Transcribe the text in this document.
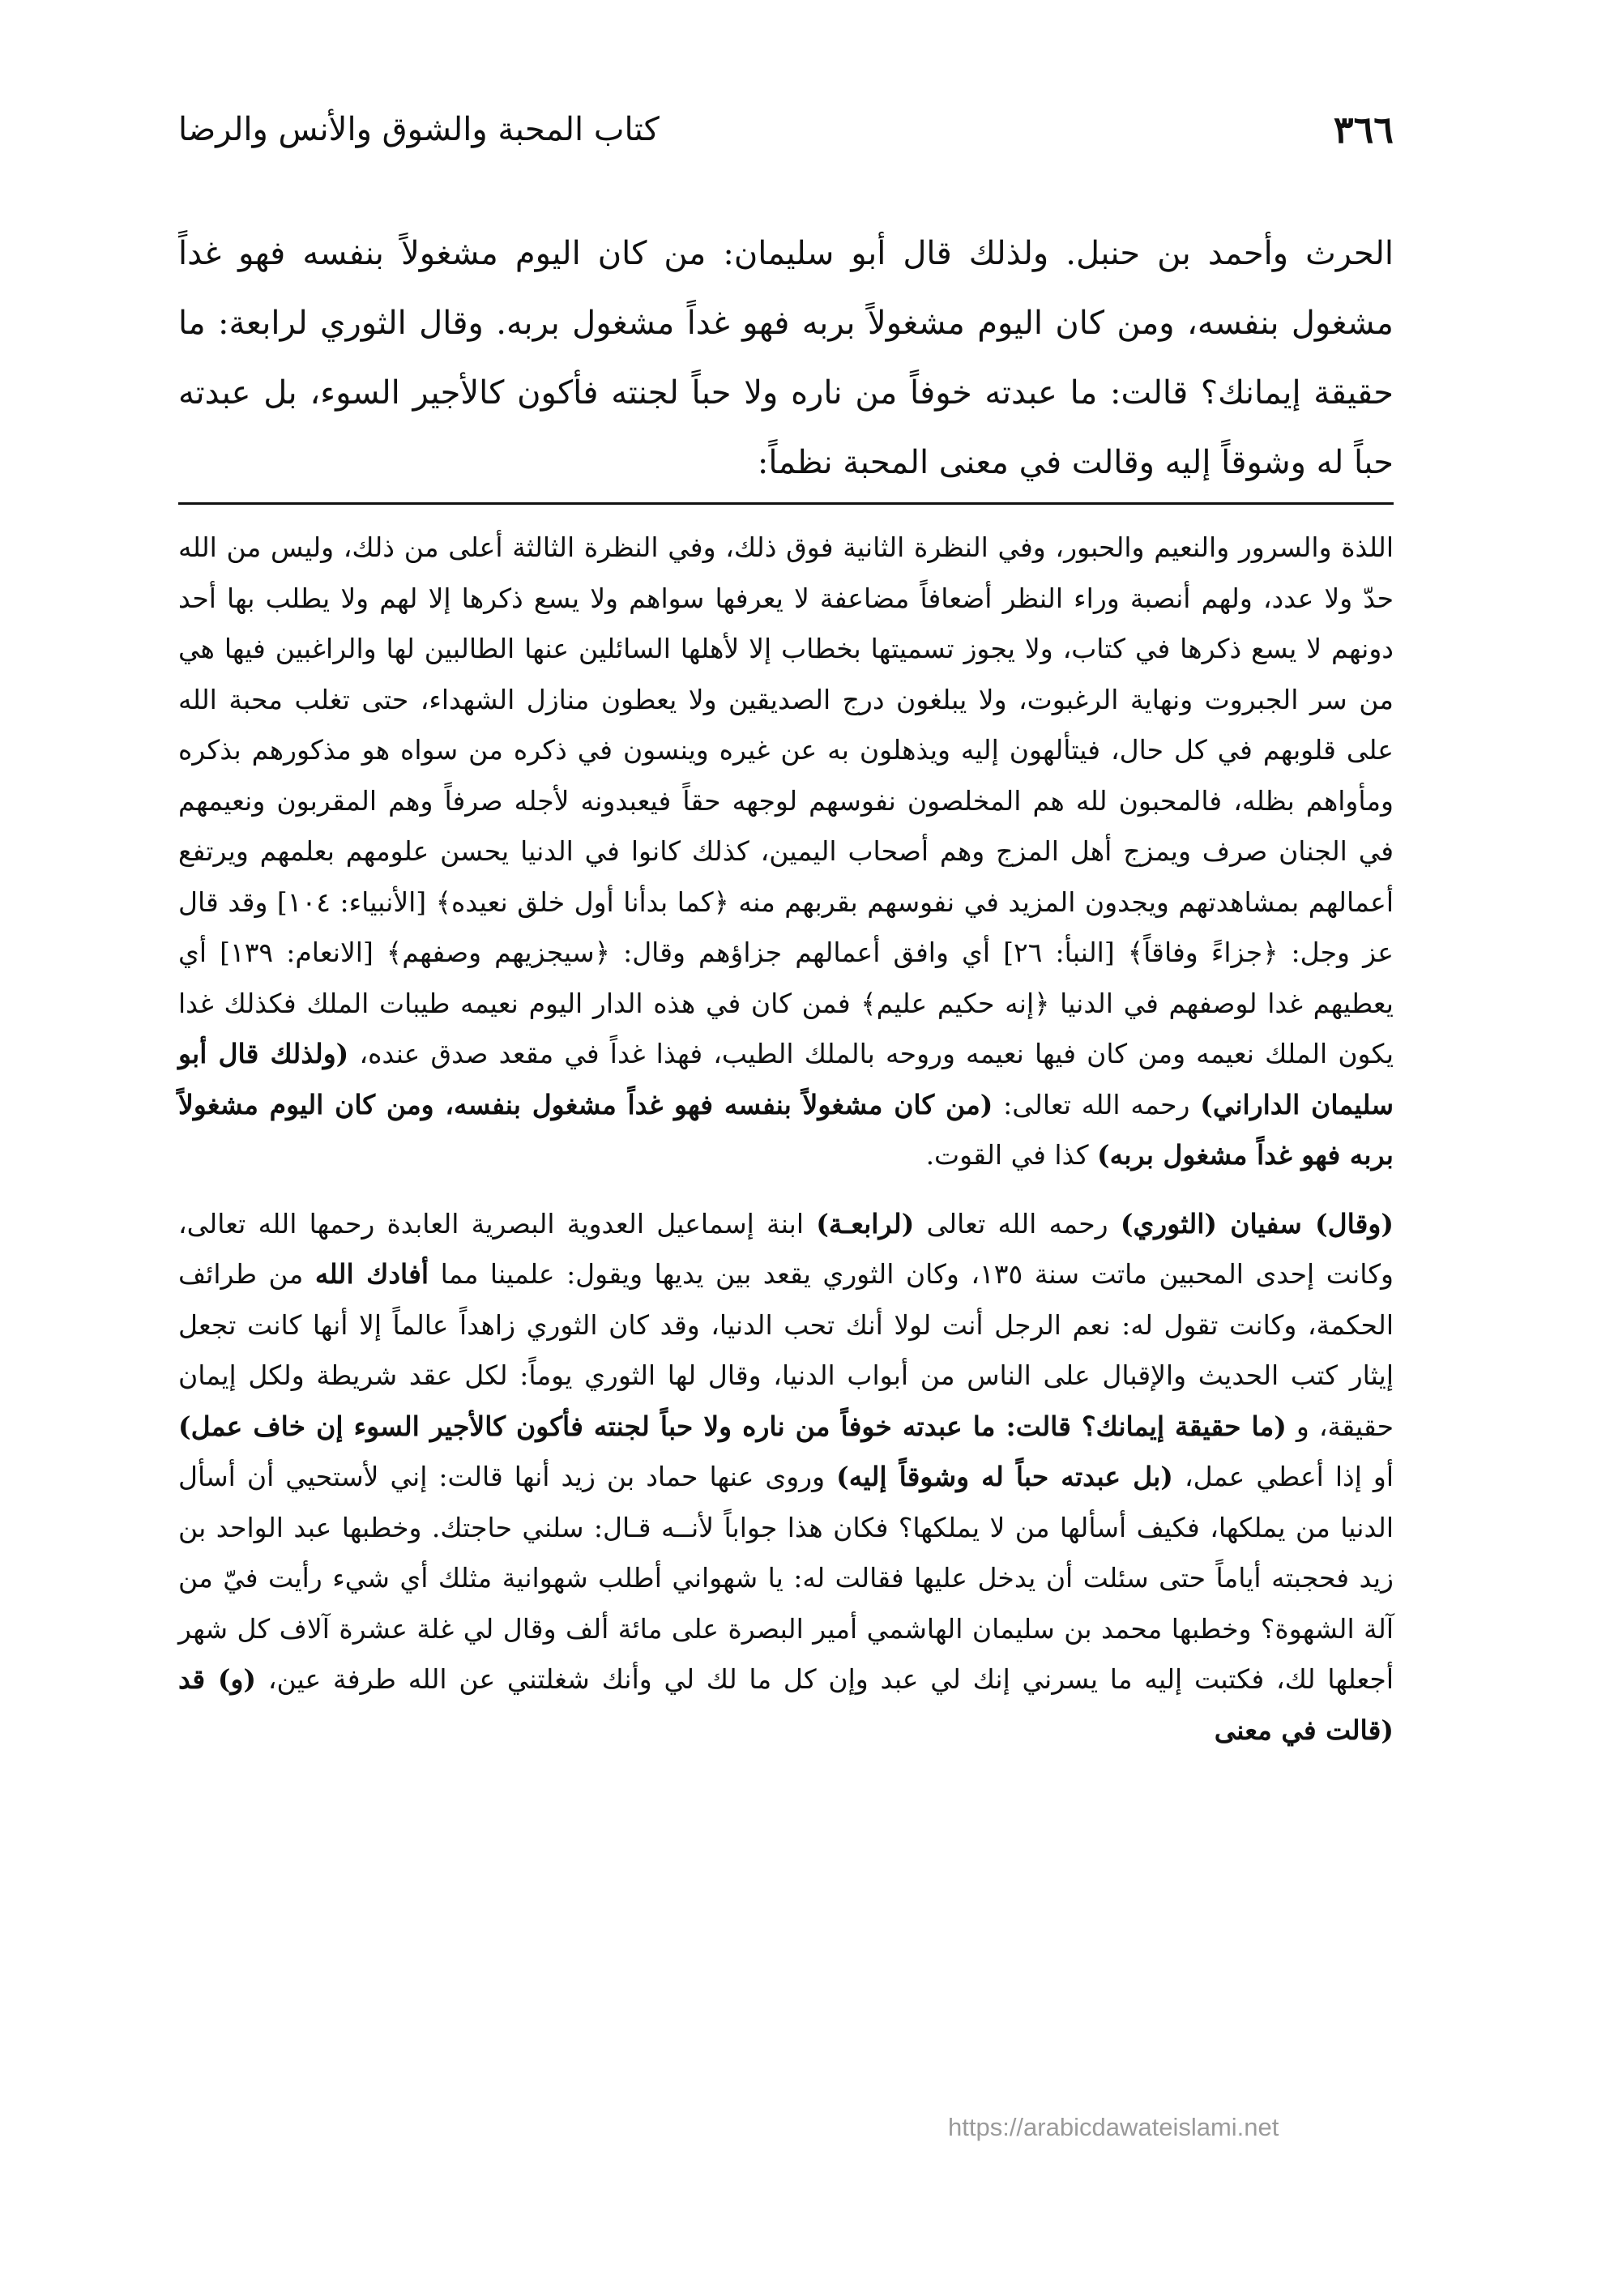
٣٦٦
كتاب المحبة والشوق والأنس والرضا

الحرث وأحمد بن حنبل. ولذلك قال أبو سليمان: من كان اليوم مشغولاً بنفسه فهو غداً مشغول بنفسه، ومن كان اليوم مشغولاً بربه فهو غداً مشغول بربه. وقال الثوري لرابعة: ما حقيقة إيمانك؟ قالت: ما عبدته خوفاً من ناره ولا حباً لجنته فأكون كالأجير السوء، بل عبدته حباً له وشوقاً إليه وقالت في معنى المحبة نظماً:

اللذة والسرور والنعيم والحبور، وفي النظرة الثانية فوق ذلك، وفي النظرة الثالثة أعلى من ذلك، وليس من الله حدّ ولا عدد، ولهم أنصبة وراء النظر أضعافاً مضاعفة لا يعرفها سواهم ولا يسع ذكرها إلا لهم ولا يطلب بها أحد دونهم لا يسع ذكرها في كتاب، ولا يجوز تسميتها بخطاب إلا لأهلها السائلين عنها الطالبين لها والراغبين فيها هي من سر الجبروت ونهاية الرغبوت، ولا يبلغون درج الصديقين ولا يعطون منازل الشهداء، حتى تغلب محبة الله على قلوبهم في كل حال، فيتألهون إليه ويذهلون به عن غيره وينسون في ذكره من سواه هو مذكورهم بذكره ومأواهم بظله، فالمحبون لله هم المخلصون نفوسهم لوجهه حقاً فيعبدونه لأجله صرفاً وهم المقربون ونعيمهم في الجنان صرف ويمزج أهل المزج وهم أصحاب اليمين، كذلك كانوا في الدنيا يحسن علومهم بعلمهم ويرتفع أعمالهم بمشاهدتهم ويجدون المزيد في نفوسهم بقربهم منه ﴿كما بدأنا أول خلق نعيده﴾ [الأنبياء: ١٠٤] وقد قال عز وجل: ﴿جزاءً وفاقاً﴾ [النبأ: ٢٦] أي وافق أعمالهم جزاؤهم وقال: ﴿سيجزيهم وصفهم﴾ [الانعام: ١٣٩] أي يعطيهم غدا لوصفهم في الدنيا ﴿إنه حكيم عليم﴾ فمن كان في هذه الدار اليوم نعيمه طيبات الملك فكذلك غدا يكون الملك نعيمه ومن كان فيها نعيمه وروحه بالملك الطيب، فهذا غداً في مقعد صدق عنده، (ولذلك قال أبو سليمان الداراني) رحمه الله تعالى: (من كان مشغولاً بنفسه فهو غداً مشغول بنفسه، ومن كان اليوم مشغولاً بربه فهو غداً مشغول بربه) كذا في القوت.

(وقال) سفيان (الثوري) رحمه الله تعالى (لرابعـة) ابنة إسماعيل العدوية البصرية العابدة رحمها الله تعالى، وكانت إحدى المحبين ماتت سنة ١٣٥، وكان الثوري يقعد بين يديها ويقول: علمينا مما أفادك الله من طرائف الحكمة، وكانت تقول له: نعم الرجل أنت لولا أنك تحب الدنيا، وقد كان الثوري زاهداً عالماً إلا أنها كانت تجعل إيثار كتب الحديث والإقبال على الناس من أبواب الدنيا، وقال لها الثوري يوماً: لكل عقد شريطة ولكل إيمان حقيقة، و (ما حقيقة إيمانك؟ قالت: ما عبدته خوفاً من ناره ولا حباً لجنته فأكون كالأجير السوء إن خاف عمل) أو إذا أعطي عمل، (بل عبدته حباً له وشوقاً إليه) وروى عنها حماد بن زيد أنها قالت: إني لأستحيي أن أسأل الدنيا من يملكها، فكيف أسألها من لا يملكها؟ فكان هذا جواباً لأنــه قـال: سلني حاجتك. وخطبها عبد الواحد بن زيد فحجبته أياماً حتى سئلت أن يدخل عليها فقالت له: يا شهواني أطلب شهوانية مثلك أي شيء رأيت فيّ من آلة الشهوة؟ وخطبها محمد بن سليمان الهاشمي أمير البصرة على مائة ألف وقال لي غلة عشرة آلاف كل شهر أجعلها لك، فكتبت إليه ما يسرني إنك لي عبد وإن كل ما لك لي وأنك شغلتني عن الله طرفة عين، (و) قد (قالت في معنى

https://arabicdawateislami.net
